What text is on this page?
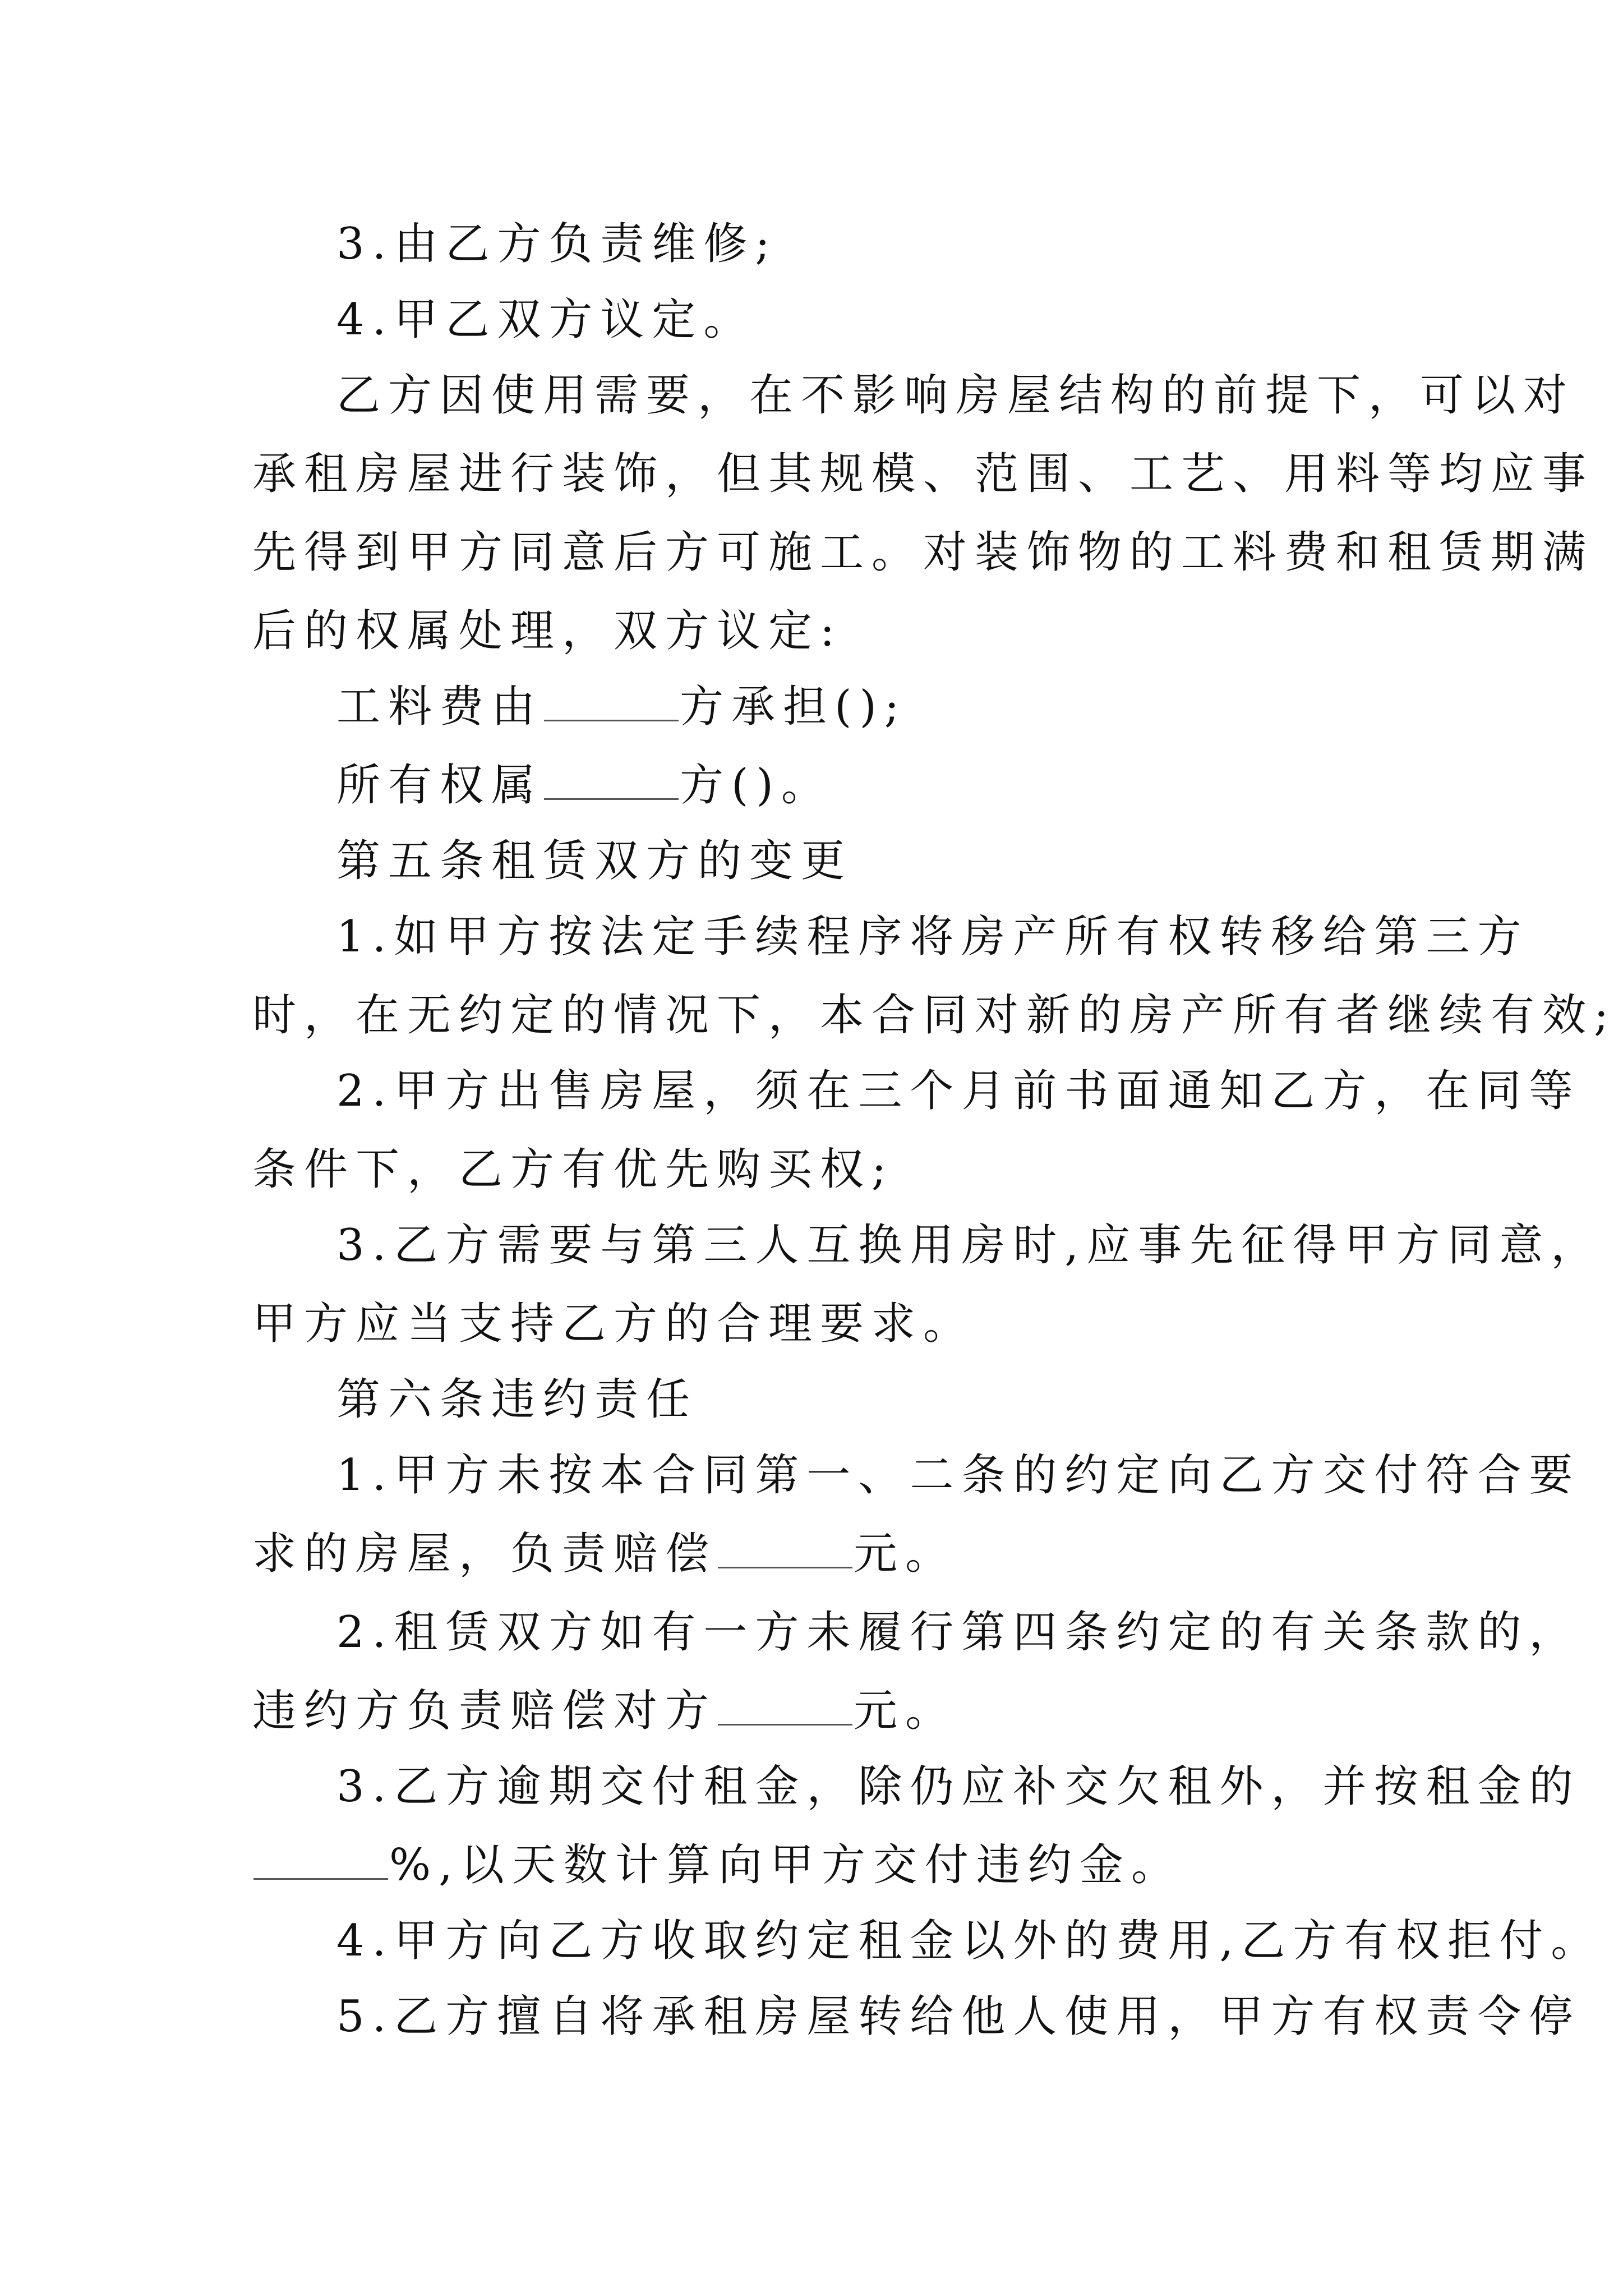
3.由乙方负责维修;
4.甲乙双方议定。
乙方因使用需要，在不影响房屋结构的前提下，可以对
承租房屋进行装饰，但其规模、范围、工艺、用料等均应事
先得到甲方同意后方可施工。对装饰物的工料费和租赁期满
后的权属处理，双方议定:
工料费由	方承担();
所有权属	方()。
第五条租赁双方的变更
1.如甲方按法定手续程序将房产所有权转移给第三方
时，在无约定的情况下，本合同对新的房产所有者继续有效;
2.甲方出售房屋，须在三个月前书面通知乙方，在同等
条件下，乙方有优先购买权;
3.乙方需要与第三人互换用房时,应事先征得甲方同意，
甲方应当支持乙方的合理要求。
第六条违约责任
1.甲方未按本合同第一、二条的约定向乙方交付符合要
求的房屋，负责赔偿	元。
2.租赁双方如有一方未履行第四条约定的有关条款的，
违约方负责赔偿对方	元。
3.乙方逾期交付租金，除仍应补交欠租外，并按租金的
%,以天数计算向甲方交付违约金。
4.甲方向乙方收取约定租金以外的费用,乙方有权拒付。
5.乙方擅自将承租房屋转给他人使用，甲方有权责令停
